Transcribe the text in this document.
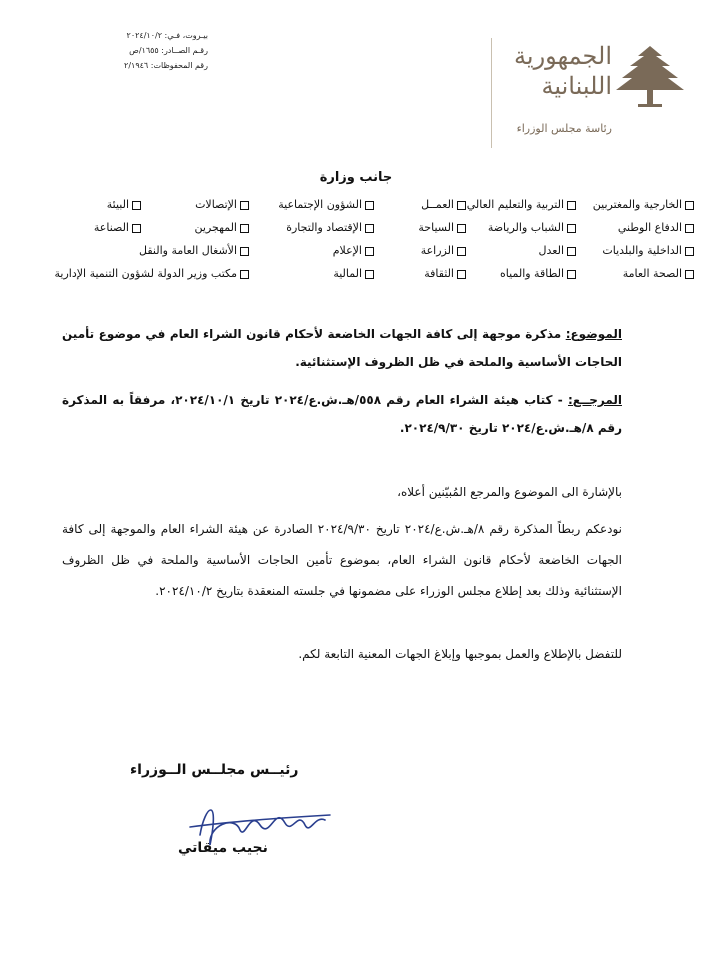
بيـروت، فـي: ٢٠٢٤/١٠/٢
رقـم الصــادر: ١٦٥٥/ص
رقم المحفوظات: ٢/١٩٤٦	الجمهورية
اللبنانية
رئاسة مجلس الوزراء
جانب وزارة
الخارجية والمغتربين
التربية والتعليم العالي
العمــل
الشؤون الإجتماعية
الإتصالات
البيئة
الدفاع الوطني
الشباب والرياضة
السياحة
الإقتصاد والتجارة
المهجرين
الصناعة
الداخلية والبلديات
العدل
الزراعة
الإعلام
الأشغال العامة والنقل
الصحة العامة
الطاقة والمياه
الثقافة
المالية
مكتب وزير الدولة لشؤون التنمية الإدارية
الموضوع: مذكرة موجهة إلى كافة الجهات الخاضعة لأحكام قانون الشراء العام في موضوع تأمين الحاجات الأساسية والملحة في ظل الظروف الإستثنائية.
المرجــع: - كتاب هيئة الشراء العام رقم ٥٥٨/هـ.ش.ع/٢٠٢٤ تاريخ ٢٠٢٤/١٠/١، مرفقاً به المذكرة رقم ٨/هـ.ش.ع/٢٠٢٤ تاريخ ٢٠٢٤/٩/٣٠.
بالإشارة الى الموضوع والمرجع المُبيّنين أعلاه،
نودعكم ربطاً المذكرة رقم ٨/هـ.ش.ع/٢٠٢٤ تاريخ ٢٠٢٤/٩/٣٠ الصادرة عن هيئة الشراء العام والموجهة إلى كافة الجهات الخاضعة لأحكام قانون الشراء العام، بموضوع تأمين الحاجات الأساسية والملحة في ظل الظروف الإستثنائية وذلك بعد إطلاع مجلس الوزراء على مضمونها في جلسته المنعقدة بتاريخ ٢٠٢٤/١٠/٢.
للتفضل بالإطلاع والعمل بموجبها وإبلاغ الجهات المعنية التابعة لكم.
رئيــس مجلــس الــوزراء
نجيب ميقاتي
